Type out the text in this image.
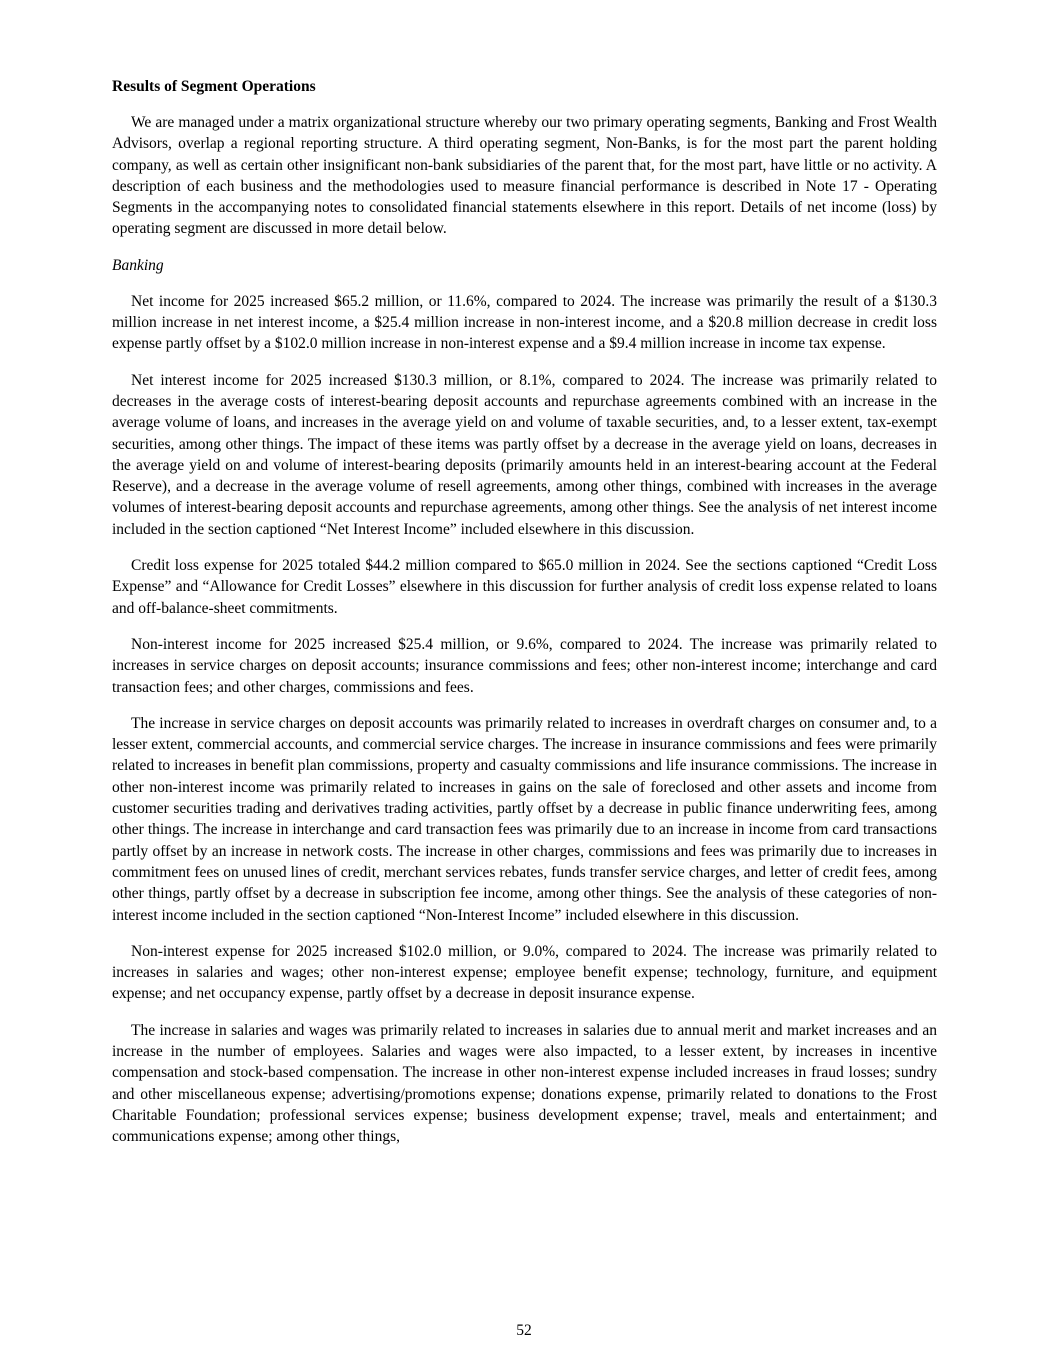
Results of Segment Operations

We are managed under a matrix organizational structure whereby our two primary operating segments, Banking and Frost Wealth Advisors, overlap a regional reporting structure. A third operating segment, Non-Banks, is for the most part the parent holding company, as well as certain other insignificant non-bank subsidiaries of the parent that, for the most part, have little or no activity. A description of each business and the methodologies used to measure financial performance is described in Note 17 - Operating Segments in the accompanying notes to consolidated financial statements elsewhere in this report. Details of net income (loss) by operating segment are discussed in more detail below.

Banking

Net income for 2025 increased $65.2 million, or 11.6%, compared to 2024. The increase was primarily the result of a $130.3 million increase in net interest income, a $25.4 million increase in non-interest income, and a $20.8 million decrease in credit loss expense partly offset by a $102.0 million increase in non-interest expense and a $9.4 million increase in income tax expense.

Net interest income for 2025 increased $130.3 million, or 8.1%, compared to 2024. The increase was primarily related to decreases in the average costs of interest-bearing deposit accounts and repurchase agreements combined with an increase in the average volume of loans, and increases in the average yield on and volume of taxable securities, and, to a lesser extent, tax-exempt securities, among other things. The impact of these items was partly offset by a decrease in the average yield on loans, decreases in the average yield on and volume of interest-bearing deposits (primarily amounts held in an interest-bearing account at the Federal Reserve), and a decrease in the average volume of resell agreements, among other things, combined with increases in the average volumes of interest-bearing deposit accounts and repurchase agreements, among other things. See the analysis of net interest income included in the section captioned “Net Interest Income” included elsewhere in this discussion.

Credit loss expense for 2025 totaled $44.2 million compared to $65.0 million in 2024. See the sections captioned “Credit Loss Expense” and “Allowance for Credit Losses” elsewhere in this discussion for further analysis of credit loss expense related to loans and off-balance-sheet commitments.

Non-interest income for 2025 increased $25.4 million, or 9.6%, compared to 2024. The increase was primarily related to increases in service charges on deposit accounts; insurance commissions and fees; other non-interest income; interchange and card transaction fees; and other charges, commissions and fees.

The increase in service charges on deposit accounts was primarily related to increases in overdraft charges on consumer and, to a lesser extent, commercial accounts, and commercial service charges. The increase in insurance commissions and fees were primarily related to increases in benefit plan commissions, property and casualty commissions and life insurance commissions. The increase in other non-interest income was primarily related to increases in gains on the sale of foreclosed and other assets and income from customer securities trading and derivatives trading activities, partly offset by a decrease in public finance underwriting fees, among other things. The increase in interchange and card transaction fees was primarily due to an increase in income from card transactions partly offset by an increase in network costs. The increase in other charges, commissions and fees was primarily due to increases in commitment fees on unused lines of credit, merchant services rebates, funds transfer service charges, and letter of credit fees, among other things, partly offset by a decrease in subscription fee income, among other things. See the analysis of these categories of non-interest income included in the section captioned “Non-Interest Income” included elsewhere in this discussion.

Non-interest expense for 2025 increased $102.0 million, or 9.0%, compared to 2024. The increase was primarily related to increases in salaries and wages; other non-interest expense; employee benefit expense; technology, furniture, and equipment expense; and net occupancy expense, partly offset by a decrease in deposit insurance expense.

The increase in salaries and wages was primarily related to increases in salaries due to annual merit and market increases and an increase in the number of employees. Salaries and wages were also impacted, to a lesser extent, by increases in incentive compensation and stock-based compensation. The increase in other non-interest expense included increases in fraud losses; sundry and other miscellaneous expense; advertising/promotions expense; donations expense, primarily related to donations to the Frost Charitable Foundation; professional services expense; business development expense; travel, meals and entertainment; and communications expense; among other things,

52
